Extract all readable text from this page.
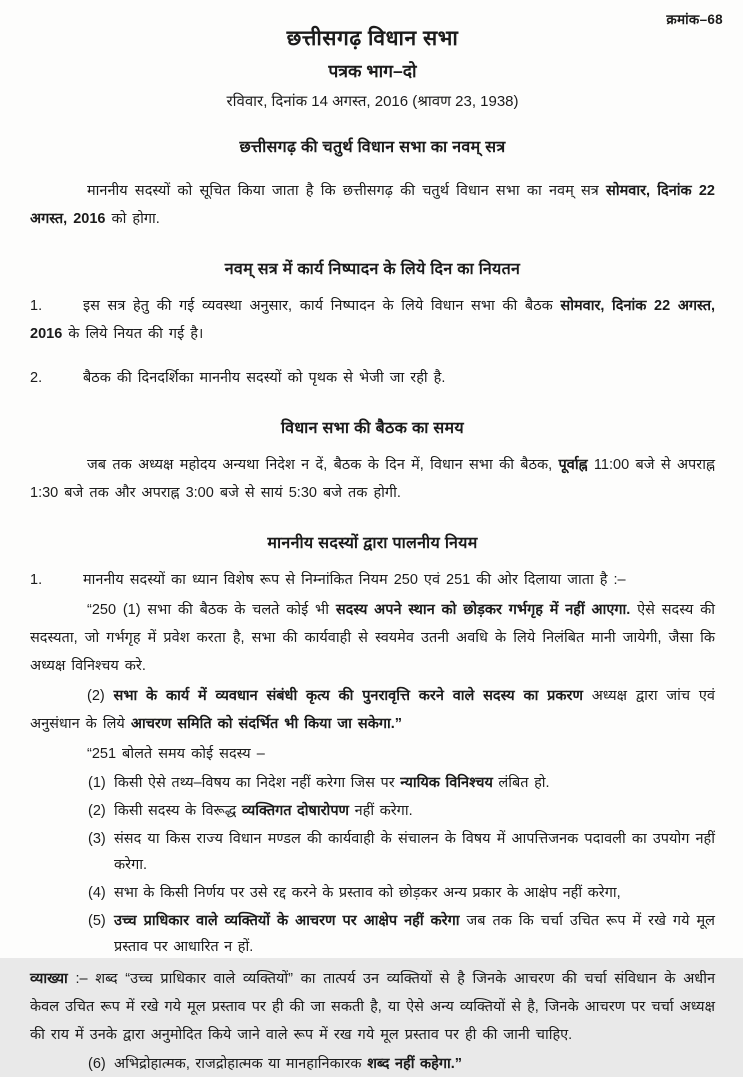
क्रमांक–68
छत्तीसगढ़ विधान सभा
पत्रक भाग–दो
रविवार, दिनांक 14 अगस्त, 2016 (श्रावण 23, 1938)
छत्तीसगढ़ की चतुर्थ विधान सभा का नवम् सत्र

माननीय सदस्यों को सूचित किया जाता है कि छत्तीसगढ़ की चतुर्थ विधान सभा का नवम् सत्र सोमवार, दिनांक 22 अगस्त, 2016 को होगा.

नवम् सत्र में कार्य निष्पादन के लिये दिन का नियतन

1.	इस सत्र हेतु की गई व्यवस्था अनुसार, कार्य निष्पादन के लिये विधान सभा की बैठक सोमवार, दिनांक 22 अगस्त, 2016 के लिये नियत की गई है।

2.	बैठक की दिनदर्शिका माननीय सदस्यों को पृथक से भेजी जा रही है.

विधान सभा की बैठक का समय

जब तक अध्यक्ष महोदय अन्यथा निदेश न दें, बैठक के दिन में, विधान सभा की बैठक, पूर्वाह्न 11:00 बजे से अपराह्न 1:30 बजे तक और अपराह्न 3:00 बजे से सायं 5:30 बजे तक होगी.

माननीय सदस्यों द्वारा पालनीय नियम

1.	माननीय सदस्यों का ध्यान विशेष रूप से निम्नांकित नियम 250 एवं 251 की ओर दिलाया जाता है :–

“250 (1) सभा की बैठक के चलते कोई भी सदस्य अपने स्थान को छोड़कर गर्भगृह में नहीं आएगा. ऐसे सदस्य की सदस्यता, जो गर्भगृह में प्रवेश करता है, सभा की कार्यवाही से स्वयमेव उतनी अवधि के लिये निलंबित मानी जायेगी, जैसा कि अध्यक्ष विनिश्चय करे.

(2) सभा के कार्य में व्यवधान संबंधी कृत्य की पुनरावृत्ति करने वाले सदस्य का प्रकरण अध्यक्ष द्वारा जांच एवं अनुसंधान के लिये आचरण समिति को संदर्भित भी किया जा सकेगा.”

“251 बोलते समय कोई सदस्य –

(1) किसी ऐसे तथ्य–विषय का निदेश नहीं करेगा जिस पर न्यायिक विनिश्चय लंबित हो.

(2) किसी सदस्य के विरूद्ध व्यक्तिगत दोषारोपण नहीं करेगा.

(3) संसद या किस राज्य विधान मण्डल की कार्यवाही के संचालन के विषय में आपत्तिजनक पदावली का उपयोग नहीं करेगा.

(4) सभा के किसी निर्णय पर उसे रद्द करने के प्रस्ताव को छोड़कर अन्य प्रकार के आक्षेप नहीं करेगा,

(5) उच्च प्राधिकार वाले व्यक्तियों के आचरण पर आक्षेप नहीं करेगा जब तक कि चर्चा उचित रूप में रखे गये मूल प्रस्ताव पर आधारित न हों.

व्याख्या :– शब्द “उच्च प्राधिकार वाले व्यक्तियों” का तात्पर्य उन व्यक्तियों से है जिनके आचरण की चर्चा संविधान के अधीन केवल उचित रूप में रखे गये मूल प्रस्ताव पर ही की जा सकती है, या ऐसे अन्य व्यक्तियों से है, जिनके आचरण पर चर्चा अध्यक्ष की राय में उनके द्वारा अनुमोदित किये जाने वाले रूप में रख गये मूल प्रस्ताव पर ही की जानी चाहिए.

(6) अभिद्रोहात्मक, राजद्रोहात्मक या मानहानिकारक शब्द नहीं कहेगा.”
